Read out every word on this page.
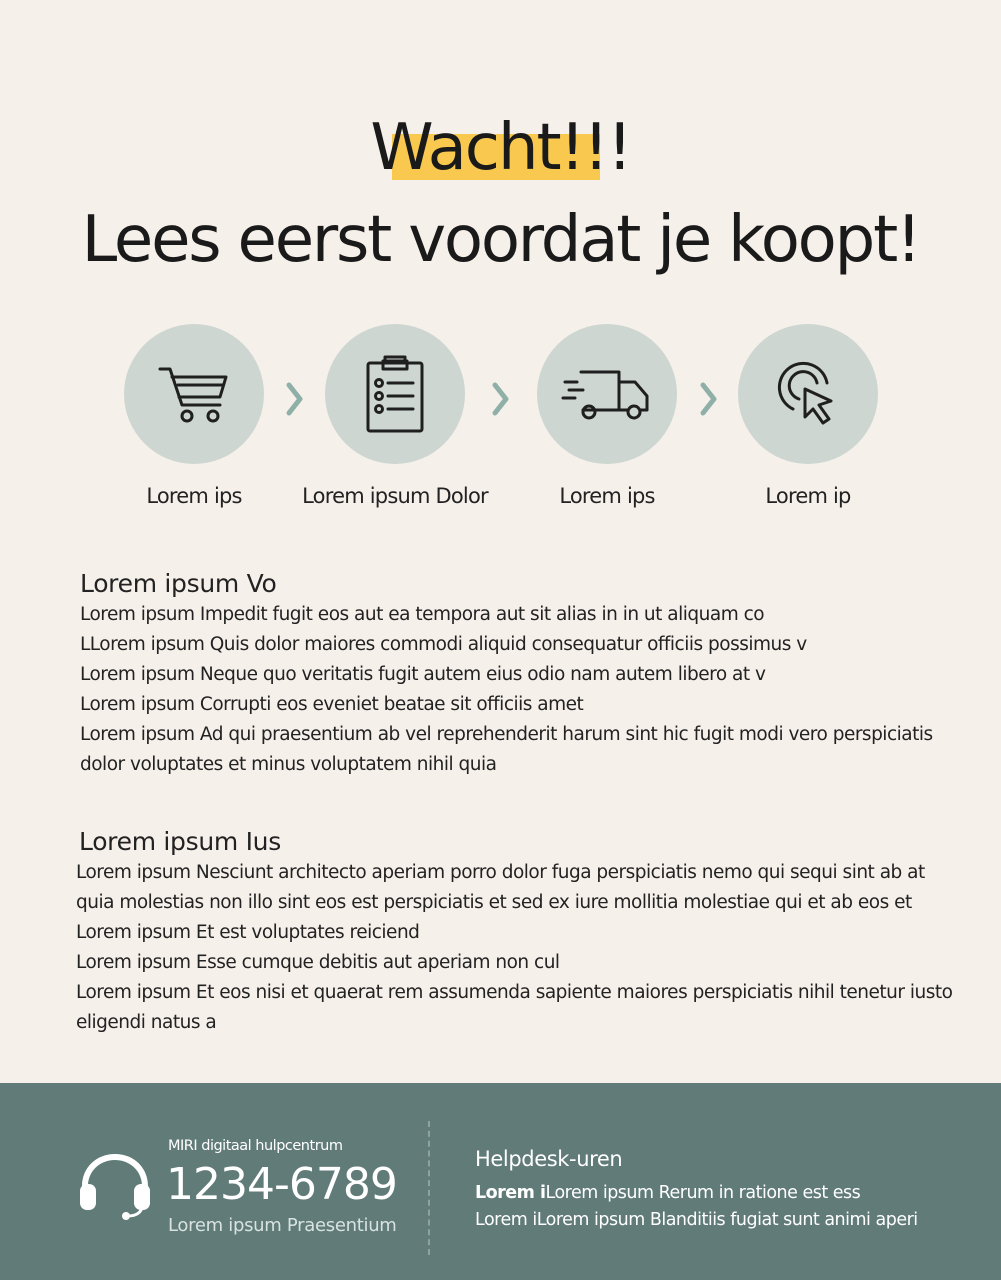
Wacht!!!
Lees eerst voordat je koopt!
Lorem ips	Lorem ipsum Dolor	Lorem ips	Lorem ip
Lorem ipsum Vo

Lorem ipsum Impedit fugit eos aut ea tempora aut sit alias in in ut aliquam co

LLorem ipsum Quis dolor maiores commodi aliquid consequatur officiis possimus v

Lorem ipsum Neque quo veritatis fugit autem eius odio nam autem libero at v

Lorem ipsum Corrupti eos eveniet beatae sit officiis amet

Lorem ipsum Ad qui praesentium ab vel reprehenderit harum sint hic fugit modi vero perspiciatis

dolor voluptates et minus voluptatem nihil quia

Lorem ipsum Ius

Lorem ipsum Nesciunt architecto aperiam porro dolor fuga perspiciatis nemo qui sequi sint ab at

quia molestias non illo sint eos est perspiciatis et sed ex iure mollitia molestiae qui et ab eos et

Lorem ipsum Et est voluptates reiciend

Lorem ipsum Esse cumque debitis aut aperiam non cul

Lorem ipsum Et eos nisi et quaerat rem assumenda sapiente maiores perspiciatis nihil tenetur iusto

eligendi natus a

MIRI digitaal hulpcentrum
1234-6789
Lorem ipsum Praesentium
Helpdesk-uren
Lorem iLorem ipsum Rerum in ratione est ess
Lorem iLorem ipsum Blanditiis fugiat sunt animi aperi
